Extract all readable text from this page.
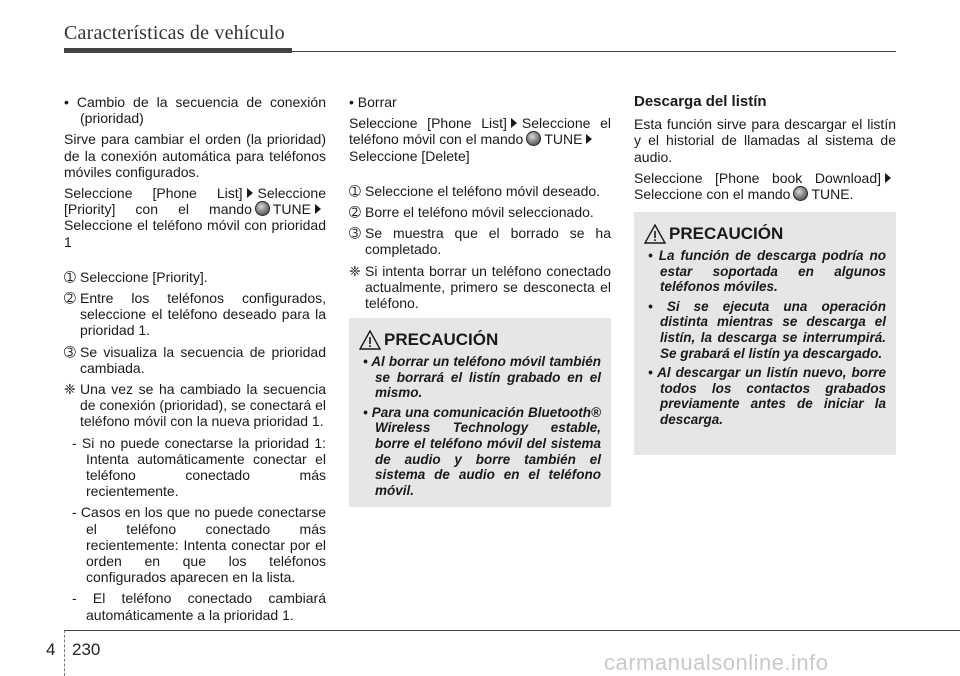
Características de vehículo

• Cambio de la secuencia de conexión (prioridad)

Sirve para cambiar el orden (la prioridad) de la conexión automática para teléfonos móviles configurados.

Seleccione [Phone List] Seleccione [Priority] con el mando TUNESeleccione el teléfono móvil con prioridad 1

➀ Seleccione [Priority].

➁ Entre los teléfonos configurados, seleccione el teléfono deseado para la prioridad 1.

➂ Se visualiza la secuencia de prioridad cambiada.

❈ Una vez se ha cambiado la secuencia de conexión (prioridad), se conectará el teléfono móvil con la nueva prioridad 1.

- Si no puede conectarse la prioridad 1: Intenta automáticamente conectar el teléfono conectado más recientemente.

- Casos en los que no puede conectarse el teléfono conectado más recientemente: Intenta conectar por el orden en que los teléfonos configurados aparecen en la lista.

- El teléfono conectado cambiará automáticamente a la prioridad 1.

• Borrar

Seleccione [Phone List] Seleccione el teléfono móvil con el mando TUNE
Seleccione [Delete]

➀ Seleccione el teléfono móvil deseado.

➁ Borre el teléfono móvil seleccionado.

➂ Se muestra que el borrado se ha completado.

❈ Si intenta borrar un teléfono conectado actualmente, primero se desconecta el teléfono.

PRECAUCIÓN

• Al borrar un teléfono móvil también se borrará el listín grabado en el mismo.

• Para una comunicación Bluetooth® Wireless Technology estable, borre el teléfono móvil del sistema de audio y borre también el sistema de audio en el teléfono móvil.

Descarga del listín

Esta función sirve para descargar el listín y el historial de llamadas al sistema de audio.

Seleccione [Phone book Download]Seleccione con el mando TUNE.

PRECAUCIÓN

• La función de descarga podría no estar soportada en algunos teléfonos móviles.

• Si se ejecuta una operación distinta mientras se descarga el listín, la descarga se interrumpirá. Se grabará el listín ya descargado.

• Al descargar un listín nuevo, borre todos los contactos grabados previamente antes de iniciar la descarga.

4 230
carmanualsonline.info
